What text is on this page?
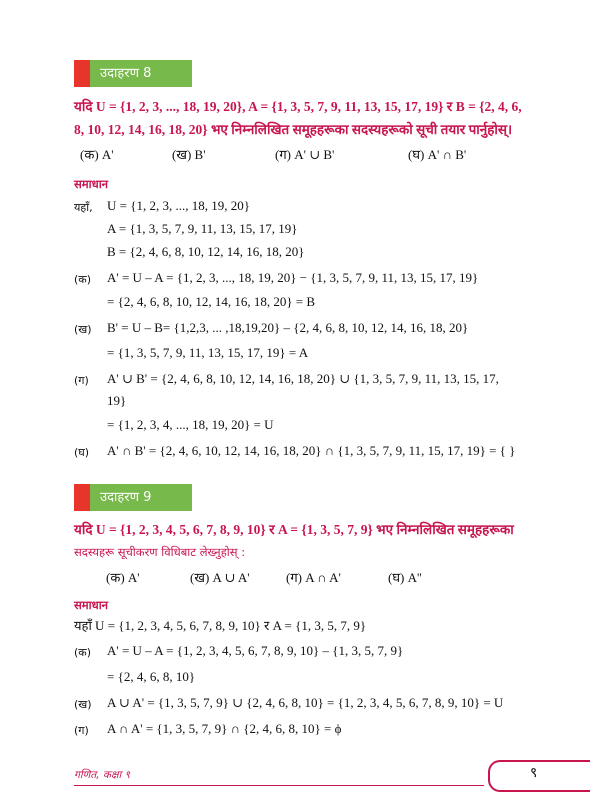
उदाहरण 8
यदि U = {1, 2, 3, ..., 18, 19, 20}, A = {1, 3, 5, 7, 9, 11, 13, 15, 17, 19} र B = {2, 4, 6,
8, 10, 12, 14, 16, 18, 20} भए निम्नलिखित समूहहरूका सदस्यहरूको सूची तयार पार्नुहोस्।
(क) A'	(ख) B'	(ग) A' ∪ B'	(घ) A' ∩ B'
समाधान
यहाँ, U = {1, 2, 3, ..., 18, 19, 20}
A = {1, 3, 5, 7, 9, 11, 13, 15, 17, 19}
B = {2, 4, 6, 8, 10, 12, 14, 16, 18, 20}
(क) A' = U – A = {1, 2, 3, ..., 18, 19, 20} − {1, 3, 5, 7, 9, 11, 13, 15, 17, 19}
= {2, 4, 6, 8, 10, 12, 14, 16, 18, 20} = B
(ख) B' = U – B= {1,2,3, ... ,18,19,20} – {2, 4, 6, 8, 10, 12, 14, 16, 18, 20}
= {1, 3, 5, 7, 9, 11, 13, 15, 17, 19} = A
(ग) A' ∪ B' = {2, 4, 6, 8, 10, 12, 14, 16, 18, 20} ∪ {1, 3, 5, 7, 9, 11, 13, 15, 17,
19}
= {1, 2, 3, 4, ..., 18, 19, 20} = U
(घ) A' ∩ B' = {2, 4, 6, 10, 12, 14, 16, 18, 20} ∩ {1, 3, 5, 7, 9, 11, 15, 17, 19} = { }
उदाहरण 9
यदि U = {1, 2, 3, 4, 5, 6, 7, 8, 9, 10} र A = {1, 3, 5, 7, 9} भए निम्नलिखित समूहहरूका
सदस्यहरू सूचीकरण विधिबाट लेख्नुहोस् :
(क) A'	(ख) A ∪ A'	(ग) A ∩ A'	(घ) A''
समाधान
यहाँ U = {1, 2, 3, 4, 5, 6, 7, 8, 9, 10} र A = {1, 3, 5, 7, 9}
(क) A' = U – A = {1, 2, 3, 4, 5, 6, 7, 8, 9, 10} – {1, 3, 5, 7, 9}
= {2, 4, 6, 8, 10}
(ख) A ∪ A' = {1, 3, 5, 7, 9} ∪ {2, 4, 6, 8, 10} = {1, 2, 3, 4, 5, 6, 7, 8, 9, 10} = U
(ग) A ∩ A' = {1, 3, 5, 7, 9} ∩ {2, 4, 6, 8, 10} = ϕ
गणित, कक्षा ९	९
